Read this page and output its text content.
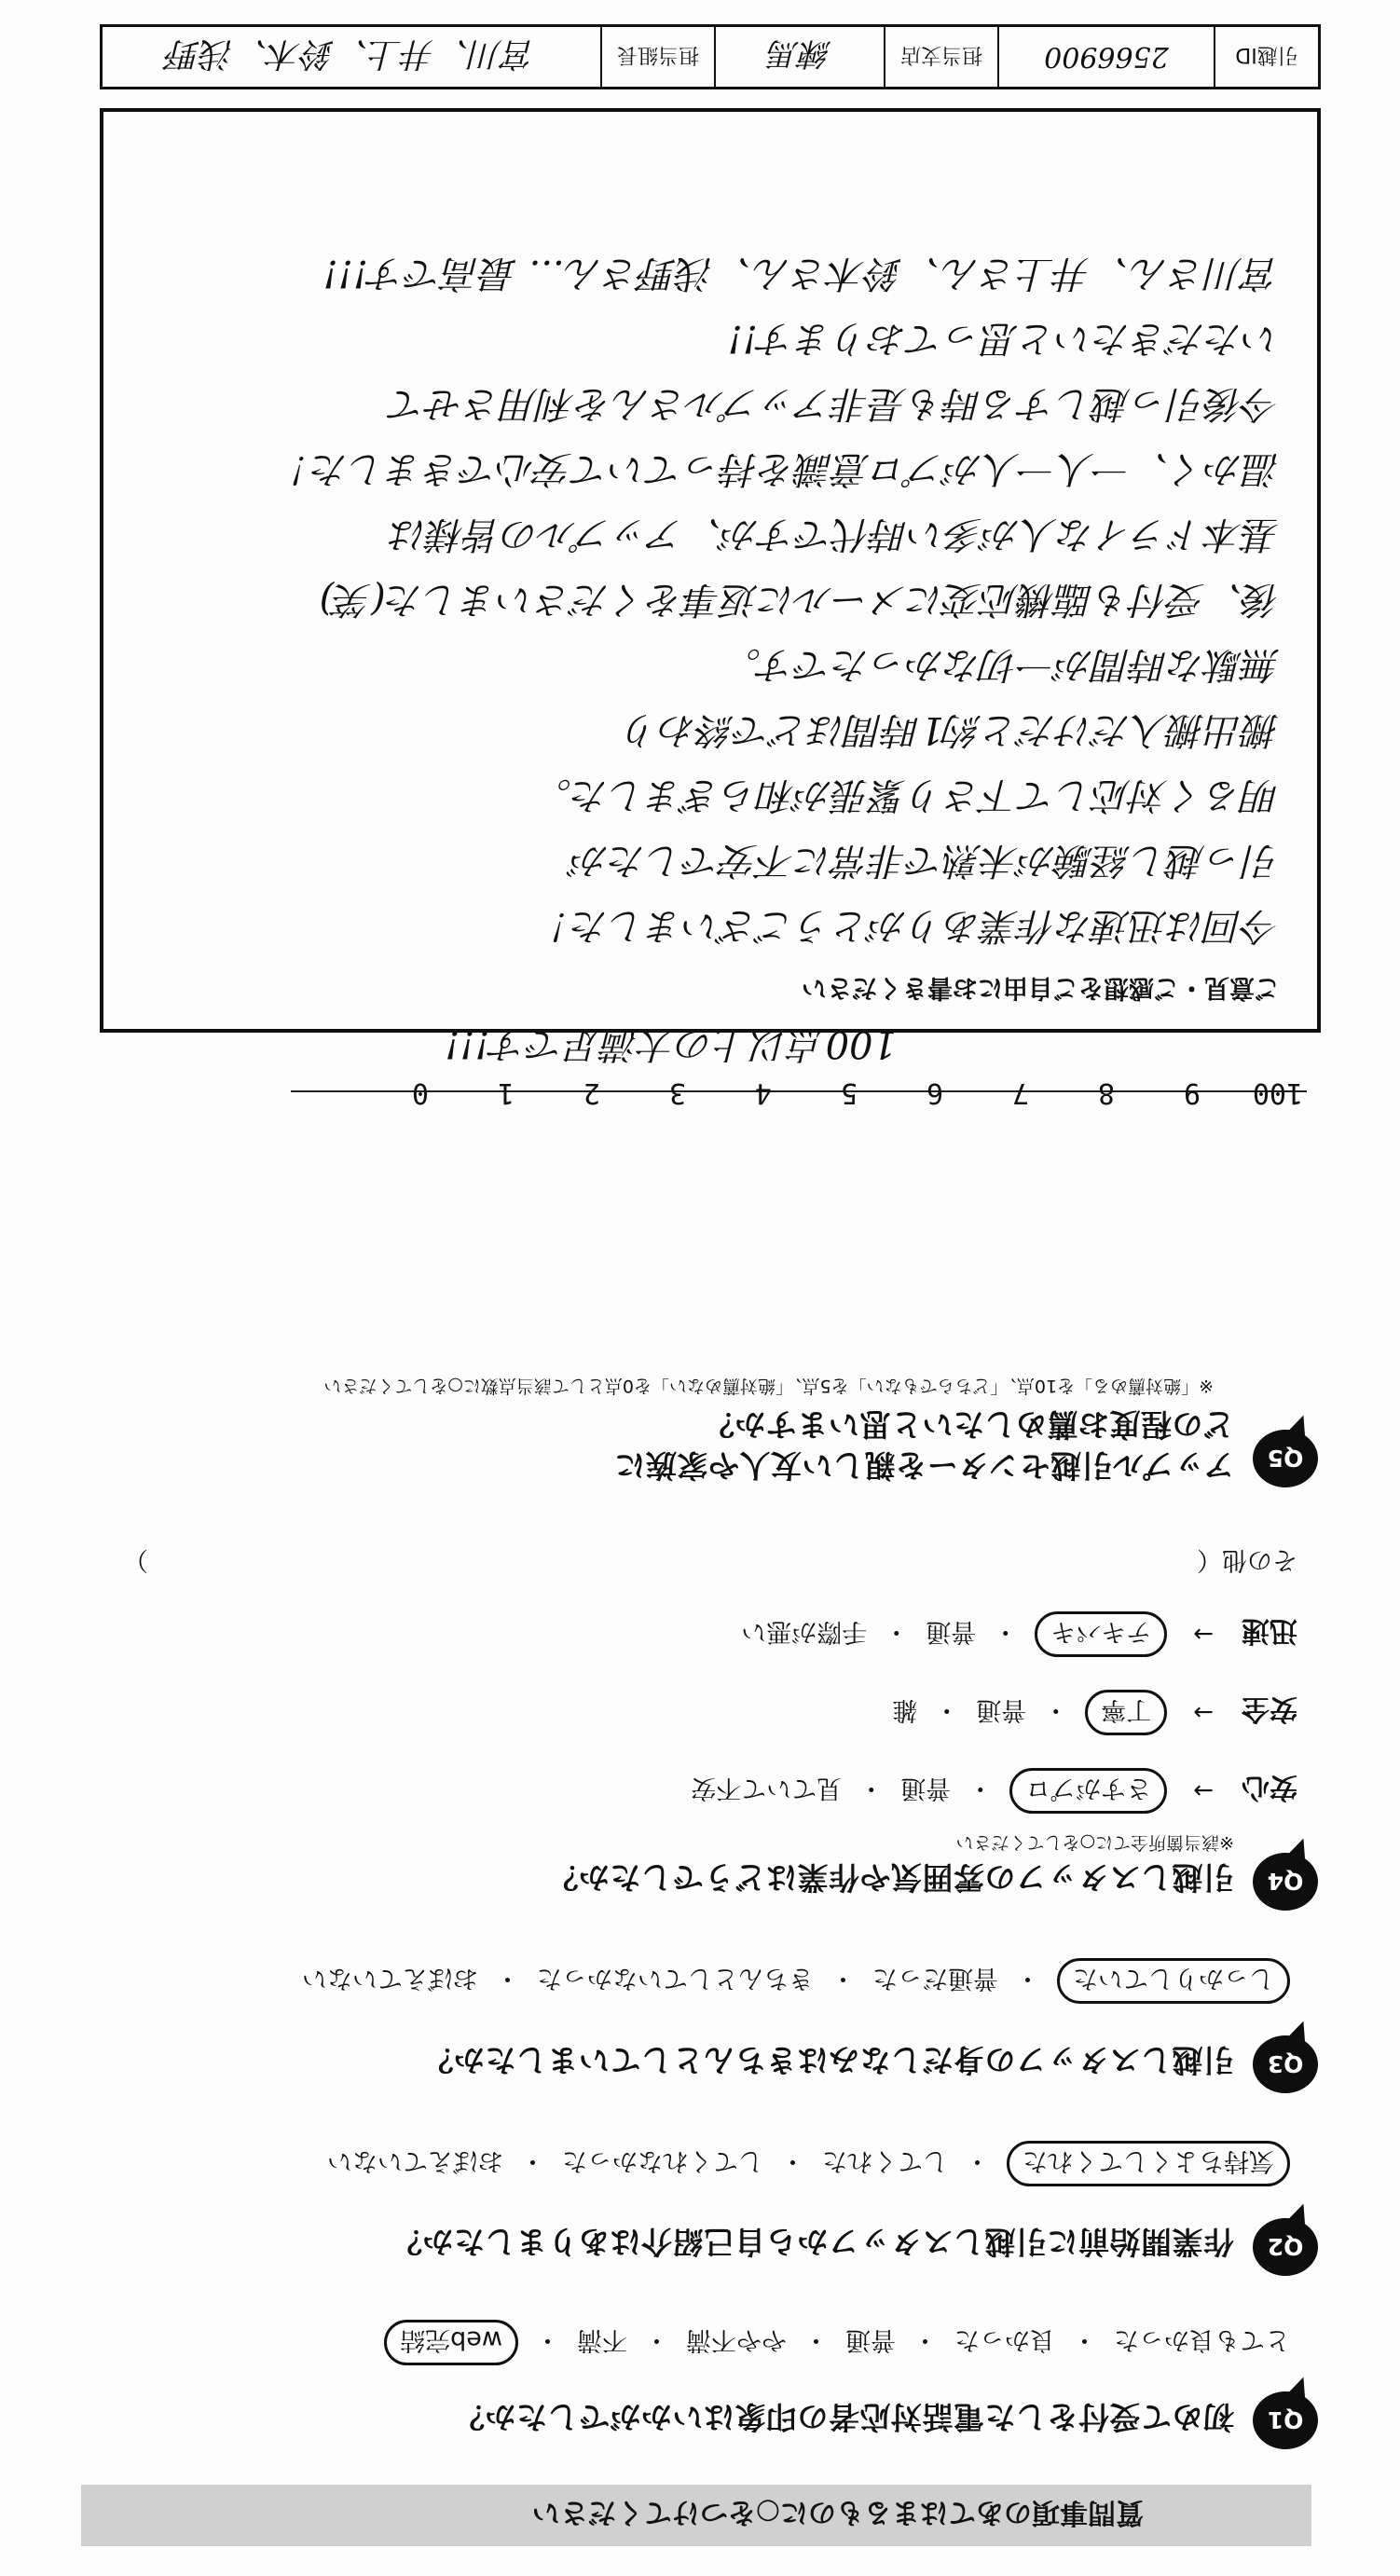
質問事項のあてはまるものに○をつけてください
Q1
初めて受付をした電話対応者の印象はいかがでしたか？
とても良かった
・
良かった
・
普通
・
やや不満
・
不満
・
web完結
Q2
作業開始前に引越しスタッフから自己紹介はありましたか？
気持ちよくしてくれた
・
してくれた
・
してくれなかった
・
おぼえていない
Q3
引越しスタッフの身だしなみはきちんとしていましたか？
しっかりしていた
・
普通だった
・
きちんとしていなかった
・
おぼえていない
Q4
引越しスタッフの雰囲気や作業はどうでしたか？
※該当箇所全てに○をしてください
安心
→
さすがプロ
・
普通
・
見ていて不安
安全
→
丁寧
・
普通
・
雑
迅速
→
テキパキ
・
普通
・
手際が悪い
その他（
）
Q5
アップル引越センターを親しい友人や家族に
どの程度お薦めしたいと思いますか？
※「絶対薦める」を10点、「どちらでもない」を5点、「絶対薦めない」を0点として該当点数に○をしてください
100
9
8
7
6
5
4
3
2
1
0
100点以上の大満足です!!!
ご意見・ご感想をご自由にお書きください
今回は迅速な作業ありがとうございました！
引っ越し経験が未熟で非常に不安でしたが
明るく対応して下さり緊張が和らぎました。
搬出搬入だけだと約1時間ほどで終わり
無駄な時間が一切なかったです。
後、受付も臨機応変にメールに返事をくださいました(笑)
基本ドライな人が多い時代ですが、アップルの皆様は
温かく、一人一人がプロ意識を持っていて安心できました！
今後引っ越しする時も是非アップルさんを利用させて
いただきたいと思っております!!
宮川さん、井上さん、鈴木さん、浅野さん... 最高です!!!
引越ID
2566900
担当支店
練馬
担当組長
宮川、井上、鈴木、浅野
